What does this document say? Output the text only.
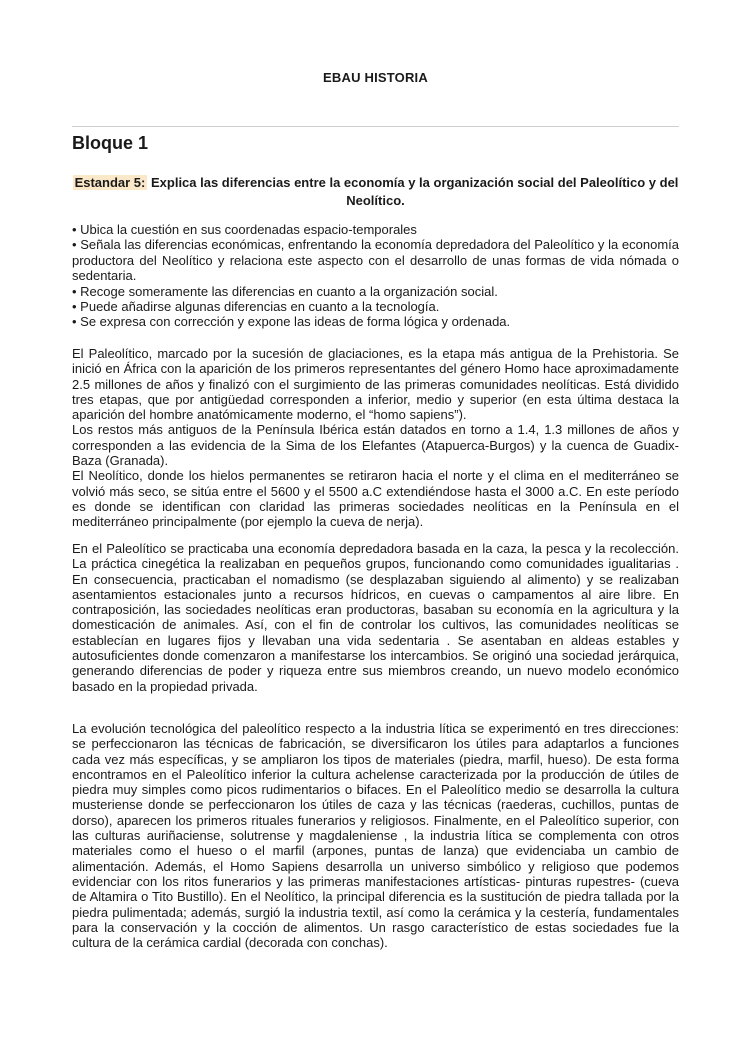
EBAU HISTORIA
Bloque 1
Estandar 5: Explica las diferencias entre la economía y la organización social del Paleolítico y del Neolítico.
• Ubica la cuestión en sus coordenadas espacio-temporales
• Señala las diferencias económicas, enfrentando la economía depredadora del Paleolítico y la economía productora del Neolítico y relaciona este aspecto con el desarrollo de unas formas de vida nómada o sedentaria.
• Recoge someramente las diferencias en cuanto a la organización social.
• Puede añadirse algunas diferencias en cuanto a la tecnología.
• Se expresa con corrección y expone las ideas de forma lógica y ordenada.

El Paleolítico, marcado por la sucesión de glaciaciones, es la etapa más antigua de la Prehistoria. Se inició en África con la aparición de los primeros representantes del género Homo hace aproximadamente 2.5 millones de años y finalizó con el surgimiento de las primeras comunidades neolíticas. Está dividido tres etapas, que por antigüedad corresponden a inferior, medio y superior (en esta última destaca la aparición del hombre anatómicamente moderno, el “homo sapiens”).

Los restos más antiguos de la Península Ibérica están datados en torno a 1.4, 1.3 millones de años y corresponden a las evidencia de la Sima de los Elefantes (Atapuerca-Burgos) y la cuenca de Guadix-Baza (Granada).

El Neolítico, donde los hielos permanentes se retiraron hacia el norte y el clima en el mediterráneo se volvió más seco, se sitúa entre el 5600 y el 5500 a.C extendiéndose hasta el 3000 a.C. En este período es donde se identifican con claridad las primeras sociedades neolíticas en la Península en el mediterráneo principalmente (por ejemplo la cueva de nerja).

En el Paleolítico se practicaba una economía depredadora basada en la caza, la pesca y la recolección. La práctica cinegética la realizaban en pequeños grupos, funcionando como comunidades igualitarias . En consecuencia, practicaban el nomadismo (se desplazaban siguiendo al alimento) y se realizaban asentamientos estacionales junto a recursos hídricos, en cuevas o campamentos al aire libre. En contraposición, las sociedades neolíticas eran productoras, basaban su economía en la agricultura y la domesticación de animales. Así, con el fin de controlar los cultivos, las comunidades neolíticas se establecían en lugares fijos y llevaban una vida sedentaria . Se asentaban en aldeas estables y autosuficientes donde comenzaron a manifestarse los intercambios. Se originó una sociedad jerárquica, generando diferencias de poder y riqueza entre sus miembros creando, un nuevo modelo económico basado en la propiedad privada.

La evolución tecnológica del paleolítico respecto a la industria lítica se experimentó en tres direcciones: se perfeccionaron las técnicas de fabricación, se diversificaron los útiles para adaptarlos a funciones cada vez más específicas, y se ampliaron los tipos de materiales (piedra, marfil, hueso). De esta forma encontramos en el Paleolítico inferior la cultura achelense caracterizada por la producción de útiles de piedra muy simples como picos rudimentarios o bifaces. En el Paleolítico medio se desarrolla la cultura musteriense donde se perfeccionaron los útiles de caza y las técnicas (raederas, cuchillos, puntas de dorso), aparecen los primeros rituales funerarios y religiosos. Finalmente, en el Paleolítico superior, con las culturas auriñaciense, solutrense y magdaleniense , la industria lítica se complementa con otros materiales como el hueso o el marfil (arpones, puntas de lanza) que evidenciaba un cambio de alimentación. Además, el Homo Sapiens desarrolla un universo simbólico y religioso que podemos evidenciar con los ritos funerarios y las primeras manifestaciones artísticas- pinturas rupestres- (cueva de Altamira o Tito Bustillo). En el Neolítico, la principal diferencia es la sustitución de piedra tallada por la piedra pulimentada; además, surgió la industria textil, así como la cerámica y la cestería, fundamentales para la conservación y la cocción de alimentos. Un rasgo característico de estas sociedades fue la cultura de la cerámica cardial (decorada con conchas).
